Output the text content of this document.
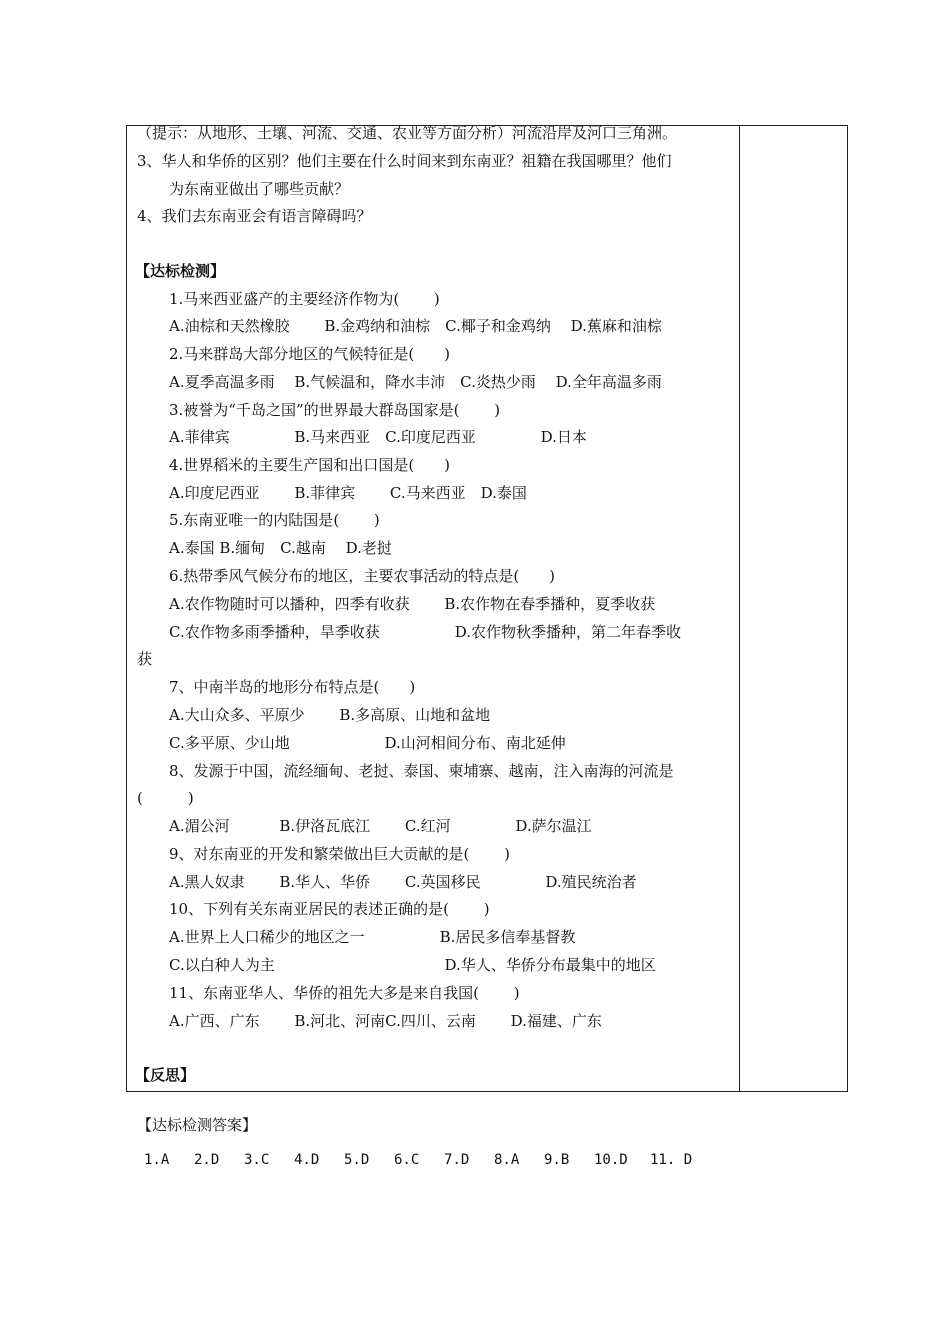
（提示：从地形、土壤、河流、交通、农业等方面分析）河流沿岸及河口三角洲。
3、华人和华侨的区别？他们主要在什么时间来到东南亚？祖籍在我国哪里？他们
为东南亚做出了哪些贡献？
4、我们去东南亚会有语言障碍吗？
【达标检测】
1.马来西亚盛产的主要经济作物为(　　 )
A.油棕和天然橡胶　　 B.金鸡纳和油棕　C.椰子和金鸡纳　 D.蕉麻和油棕
2.马来群岛大部分地区的气候特征是(　　)
A.夏季高温多雨　 B.气候温和，降水丰沛　C.炎热少雨　 D.全年高温多雨
3.被誉为“千岛之国”的世界最大群岛国家是(　　 )
A.菲律宾　　　　 B.马来西亚　C.印度尼西亚　　　　 D.日本
4.世界稻米的主要生产国和出口国是(　　)
A.印度尼西亚　　 B.菲律宾　　 C.马来西亚　D.泰国
5.东南亚唯一的内陆国是(　　 )
A.泰国 B.缅甸　C.越南　 D.老挝
6.热带季风气候分布的地区，主要农事活动的特点是(　　)
A.农作物随时可以播种，四季有收获　　 B.农作物在春季播种，夏季收获
C.农作物多雨季播种，旱季收获　　　　　D.农作物秋季播种，第二年春季收
获
7、中南半岛的地形分布特点是(　　)
A.大山众多、平原少　　 B.多高原、山地和盆地
C.多平原、少山地　　　　　　 D.山河相间分布、南北延伸
8、发源于中国，流经缅甸、老挝、泰国、柬埔寨、越南，注入南海的河流是
(　　　)
A.湄公河　　　 B.伊洛瓦底江　　 C.红河　　　　 D.萨尔温江
9、对东南亚的开发和繁荣做出巨大贡献的是(　　 )
A.黑人奴隶　　 B.华人、华侨　　 C.英国移民　　　　 D.殖民统治者
10、下列有关东南亚居民的表述正确的是(　　 )
A.世界上人口稀少的地区之一　　　　　B.居民多信奉基督教
C.以白种人为主　　　　　　　　　　　 D.华人、华侨分布最集中的地区
11、东南亚华人、华侨的祖先大多是来自我国(　　 )
A.广西、广东　　 B.河北、河南C.四川、云南　　 D.福建、广东
【反思】
【达标检测答案】
1.A 2.D 3.C 4.D 5.D 6.C 7.D 8.A 9.B 10.D 11. D
